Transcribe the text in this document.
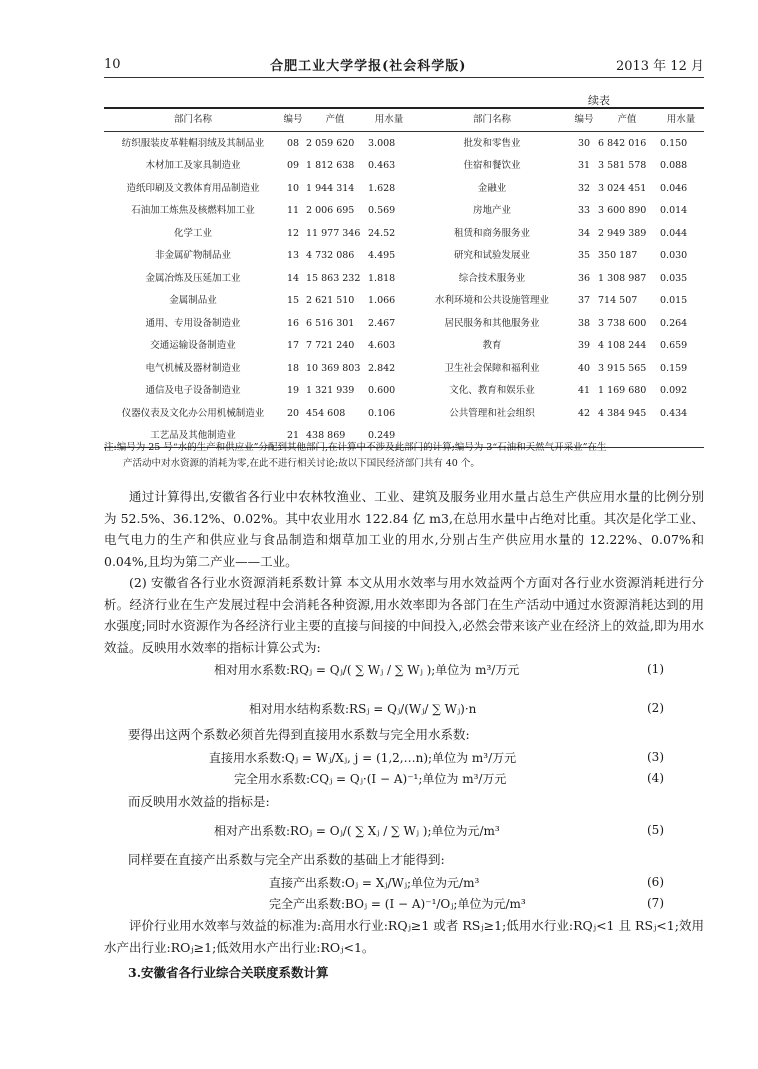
10	合肥工业大学学报(社会科学版)	2013 年 12 月
续表
部门名称	编号	产值	用水量	部门名称	编号	产值	用水量
纺织服装皮革鞋帽羽绒及其制品业	08	2 059 620	3.008	批发和零售业	30	6 842 016	0.150
木材加工及家具制造业	09	1 812 638	0.463	住宿和餐饮业	31	3 581 578	0.088
造纸印刷及文教体育用品制造业	10	1 944 314	1.628	金融业	32	3 024 451	0.046
石油加工炼焦及核燃料加工业	11	2 006 695	0.569	房地产业	33	3 600 890	0.014
化学工业	12	11 977 346	24.52	租赁和商务服务业	34	2 949 389	0.044
非金属矿物制品业	13	4 732 086	4.495	研究和试验发展业	35	350 187	0.030
金属冶炼及压延加工业	14	15 863 232	1.818	综合技术服务业	36	1 308 987	0.035
金属制品业	15	2 621 510	1.066	水利环境和公共设施管理业	37	714 507	0.015
通用、专用设备制造业	16	6 516 301	2.467	居民服务和其他服务业	38	3 738 600	0.264
交通运输设备制造业	17	7 721 240	4.603	教育	39	4 108 244	0.659
电气机械及器材制造业	18	10 369 803	2.842	卫生社会保障和福利业	40	3 915 565	0.159
通信及电子设备制造业	19	1 321 939	0.600	文化、教育和娱乐业	41	1 169 680	0.092
仪器仪表及文化办公用机械制造业	20	454 608	0.106	公共管理和社会组织	42	4 384 945	0.434
工艺品及其他制造业	21	438 869	0.249				
注:编号为 25 号“水的生产和供应业”分配到其他部门,在计算中不涉及此部门的计算;编号为 3“石油和天然气开采业”在生
产活动中对水资源的消耗为零,在此不进行相关讨论;故以下国民经济部门共有 40 个。

通过计算得出,安徽省各行业中农林牧渔业、工业、建筑及服务业用水量占总生产供应用水量的比例分别为 52.5%、36.12%、0.02%。其中农业用水 122.84 亿 m3,在总用水量中占绝对比重。其次是化学工业、电气电力的生产和供应业与食品制造和烟草加工业的用水,分别占生产供应用水量的 12.22%、0.07%和 0.04%,且均为第二产业——工业。

(2) 安徽省各行业水资源消耗系数计算 本文从用水效率与用水效益两个方面对各行业水资源消耗进行分析。经济行业在生产发展过程中会消耗各种资源,用水效率即为各部门在生产活动中通过水资源消耗达到的用水强度;同时水资源作为各经济行业主要的直接与间接的中间投入,必然会带来该产业在经济上的效益,即为用水效益。反映用水效率的指标计算公式为:

相对用水系数:RQⱼ = Qⱼ/( ∑ Wⱼ / ∑ Wⱼ );单位为 m³/万元	(1)
相对用水结构系数:RSⱼ = Qⱼ/(Wⱼ/ ∑ Wⱼ)·n	(2)
要得出这两个系数必须首先得到直接用水系数与完全用水系数:
直接用水系数:Qⱼ = Wⱼ/Xⱼ, j = (1,2,…n);单位为 m³/万元	(3)
完全用水系数:CQⱼ = Qⱼ·(I − A)⁻¹;单位为 m³/万元	(4)
而反映用水效益的指标是:
相对产出系数:ROⱼ = Oⱼ/( ∑ Xⱼ / ∑ Wⱼ );单位为元/m³	(5)
同样要在直接产出系数与完全产出系数的基础上才能得到:
直接产出系数:Oⱼ = Xⱼ/Wⱼ;单位为元/m³	(6)
完全产出系数:BOⱼ = (I − A)⁻¹/Oⱼ;单位为元/m³	(7)

评价行业用水效率与效益的标准为:高用水行业:RQⱼ≥1 或者 RSⱼ≥1;低用水行业:RQⱼ<1 且 RSⱼ<1;效用水产出行业:ROⱼ≥1;低效用水产出行业:ROⱼ<1。

3.安徽省各行业综合关联度系数计算
